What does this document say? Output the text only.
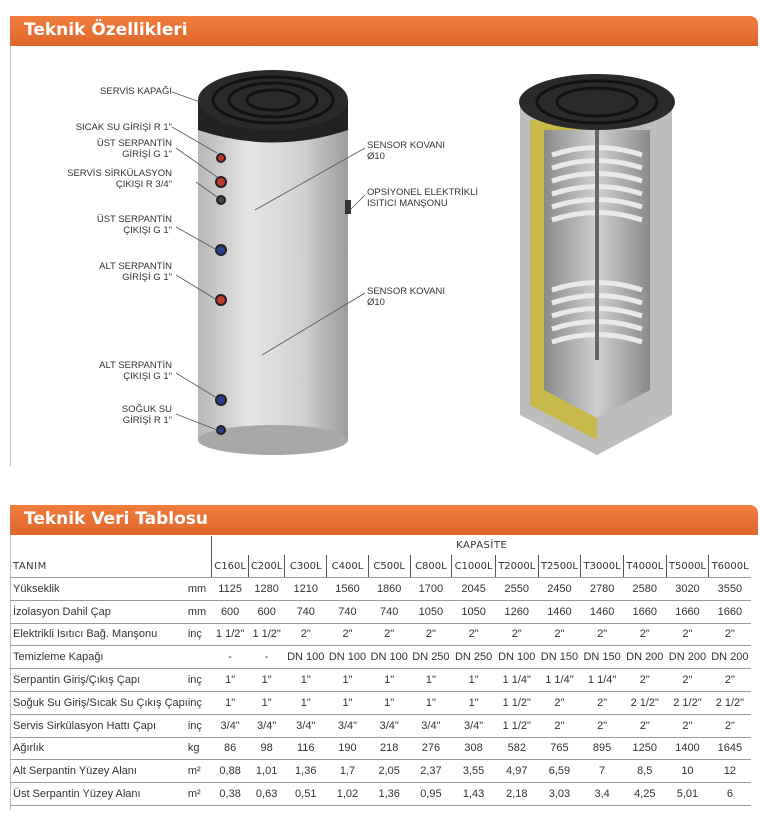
Teknik Özellikleri
SERVİS KAPAĞI
SICAK SU GİRİŞİ R 1"
ÜST SERPANTİN
GİRİŞİ G 1"
SERVİS SİRKÜLASYON
ÇIKIŞI R 3/4"
ÜST SERPANTİN
ÇIKIŞI G 1"
ALT SERPANTİN
GİRİŞİ G 1"
ALT SERPANTİN
ÇIKIŞI G 1"
SOĞUK SU
GİRİŞİ R 1"
SENSOR KOVANI
Ø10
OPSİYONEL ELEKTRİKLİ
ISITICI MANŞONU
SENSOR KOVANI
Ø10
Teknik Veri Tablosu
		KAPASİTE												
TANIM		C160L	C200L	C300L	C400L	C500L	C800L	C1000L	T2000L	T2500L	T3000L	T4000L	T5000L	T6000L
Yükseklik	mm	1125	1280	1210	1560	1860	1700	2045	2550	2450	2780	2580	3020	3550
İzolasyon Dahil Çap	mm	600	600	740	740	740	1050	1050	1260	1460	1460	1660	1660	1660
Elektrikli Isıtıcı Bağ. Manşonu	inç	1 1/2"	1 1/2"	2"	2"	2"	2"	2"	2"	2"	2"	2"	2"	2"
Temizleme Kapağı		-	-	DN 100	DN 100	DN 100	DN 250	DN 250	DN 100	DN 150	DN 150	DN 200	DN 200	DN 200
Serpantin Giriş/Çıkış Çapı	inç	1"	1"	1"	1"	1"	1"	1"	1 1/4"	1 1/4"	1 1/4"	2"	2"	2"
Soğuk Su Giriş/Sıcak Su Çıkış Çapı	inç	1"	1"	1"	1"	1"	1"	1"	1 1/2"	2"	2"	2 1/2"	2 1/2"	2 1/2"
Servis Sirkülasyon Hattı Çapı	inç	3/4"	3/4"	3/4"	3/4"	3/4"	3/4"	3/4"	1 1/2"	2"	2"	2"	2"	2"
Ağırlık	kg	86	98	116	190	218	276	308	582	765	895	1250	1400	1645
Alt Serpantin Yüzey Alanı	m²	0,88	1,01	1,36	1,7	2,05	2,37	3,55	4,97	6,59	7	8,5	10	12
Üst Serpantin Yüzey Alanı	m²	0,38	0,63	0,51	1,02	1,36	0,95	1,43	2,18	3,03	3,4	4,25	5,01	6
